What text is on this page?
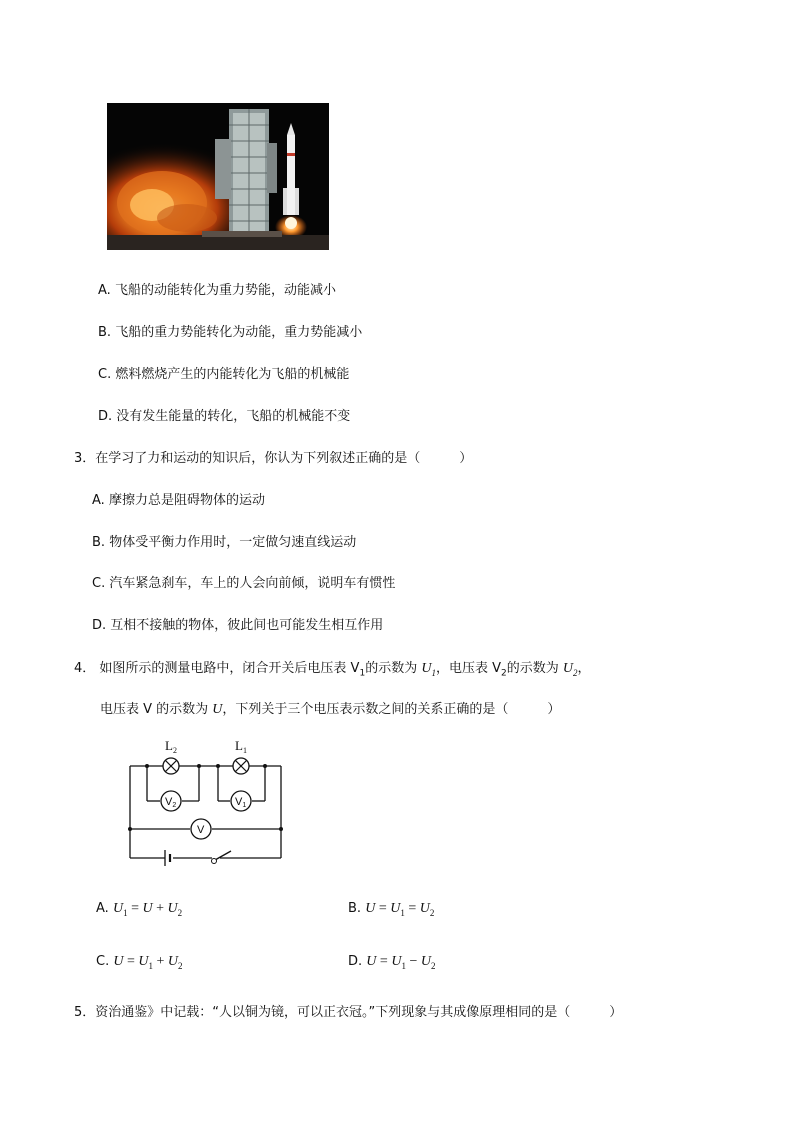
A. 飞船的动能转化为重力势能，动能减小
B. 飞船的重力势能转化为动能，重力势能减小
C. 燃料燃烧产生的内能转化为飞船的机械能
D. 没有发生能量的转化，飞船的机械能不变
3．在学习了力和运动的知识后，你认为下列叙述正确的是（　　　）
A. 摩擦力总是阻碍物体的运动
B. 物体受平衡力作用时，一定做匀速直线运动
C. 汽车紧急刹车，车上的人会向前倾，说明车有惯性
D. 互相不接触的物体，彼此间也可能发生相互作用
4． 如图所示的测量电路中，闭合开关后电压表 $V_1$的示数为 $U_1$，电压表 $V_2$的示数为 $U_2$，
电压表 V 的示数为 U，下列关于三个电压表示数之间的关系正确的是（　　　）
$L_2$	$L_1$
V2	V1
V
A. $U_1 = U + U_2$	B. $U = U_1 = U_2$
C. $U = U_1 + U_2$	D. $U = U_1 - U_2$
5．资治通鉴》中记载：“人以铜为镜，可以正衣冠。”下列现象与其成像原理相同的是（　　　）
